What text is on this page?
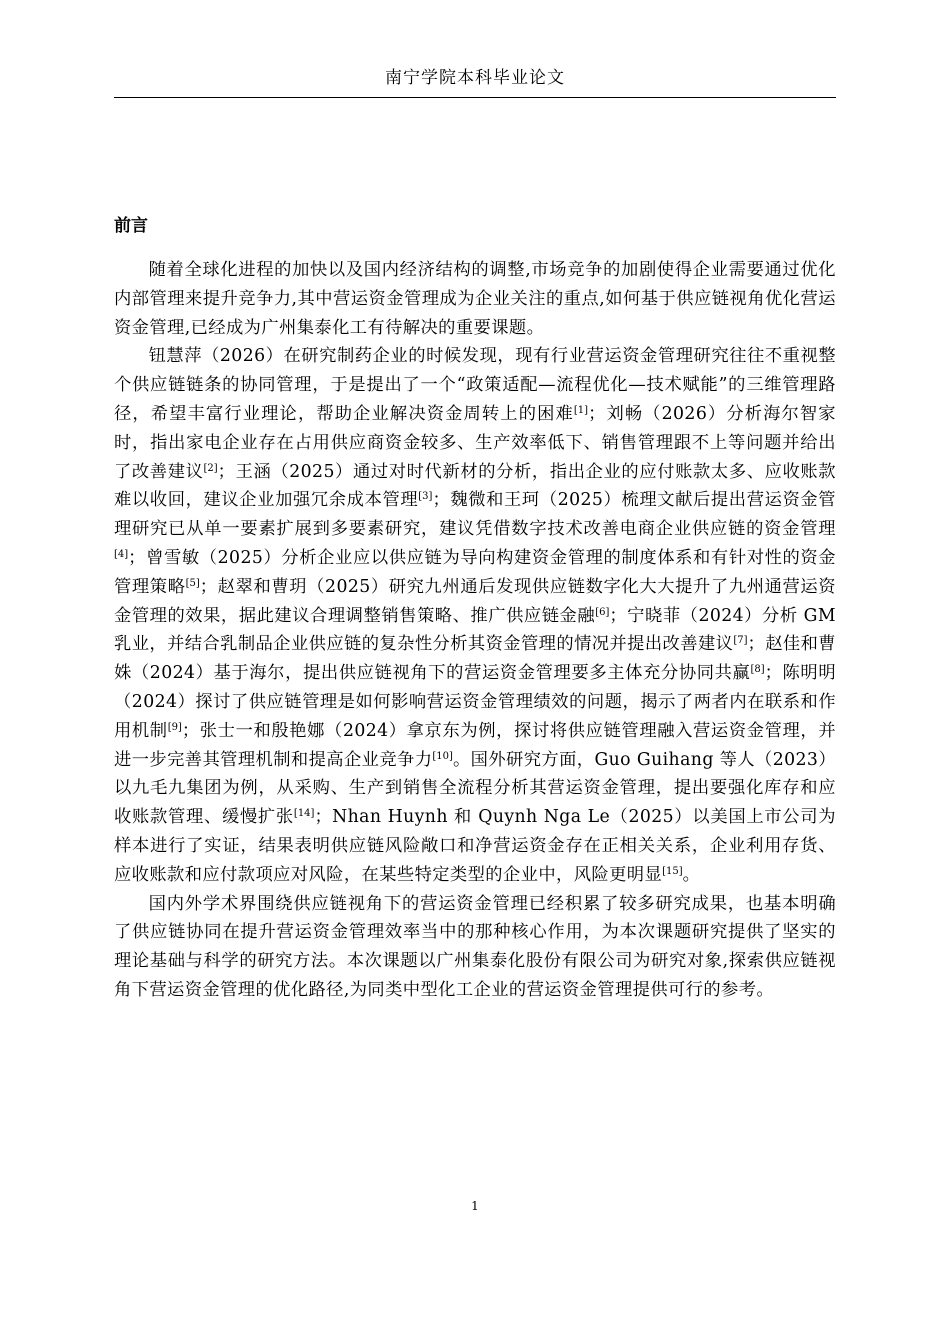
南宁学院本科毕业论文
前言

随着全球化进程的加快以及国内经济结构的调整,市场竞争的加剧使得企业需要通过优化内部管理来提升竞争力,其中营运资金管理成为企业关注的重点,如何基于供应链视角优化营运资金管理,已经成为广州集泰化工有待解决的重要课题。

钮慧萍（2026）在研究制药企业的时候发现，现有行业营运资金管理研究往往不重视整个供应链链条的协同管理，于是提出了一个“政策适配—流程优化—技术赋能”的三维管理路径，希望丰富行业理论，帮助企业解决资金周转上的困难[1]；刘畅（2026）分析海尔智家时，指出家电企业存在占用供应商资金较多、生产效率低下、销售管理跟不上等问题并给出了改善建议[2]；王涵（2025）通过对时代新材的分析，指出企业的应付账款太多、应收账款难以收回，建议企业加强冗余成本管理[3]；魏微和王珂（2025）梳理文献后提出营运资金管理研究已从单一要素扩展到多要素研究，建议凭借数字技术改善电商企业供应链的资金管理[4]；曾雪敏（2025）分析企业应以供应链为导向构建资金管理的制度体系和有针对性的资金管理策略[5]；赵翠和曹玥（2025）研究九州通后发现供应链数字化大大提升了九州通营运资金管理的效果，据此建议合理调整销售策略、推广供应链金融[6]；宁晓菲（2024）分析 GM 乳业，并结合乳制品企业供应链的复杂性分析其资金管理的情况并提出改善建议[7]；赵佳和曹姝（2024）基于海尔，提出供应链视角下的营运资金管理要多主体充分协同共赢[8]；陈明明（2024）探讨了供应链管理是如何影响营运资金管理绩效的问题，揭示了两者内在联系和作用机制[9]；张士一和殷艳娜（2024）拿京东为例，探讨将供应链管理融入营运资金管理，并进一步完善其管理机制和提高企业竞争力[10]。国外研究方面，Guo Guihang 等人（2023）以九毛九集团为例，从采购、生产到销售全流程分析其营运资金管理，提出要强化库存和应收账款管理、缓慢扩张[14]；Nhan Huynh 和 Quynh Nga Le（2025）以美国上市公司为样本进行了实证，结果表明供应链风险敞口和净营运资金存在正相关关系，企业利用存货、应收账款和应付款项应对风险，在某些特定类型的企业中，风险更明显[15]。

国内外学术界围绕供应链视角下的营运资金管理已经积累了较多研究成果，也基本明确了供应链协同在提升营运资金管理效率当中的那种核心作用，为本次课题研究提供了坚实的理论基础与科学的研究方法。本次课题以广州集泰化股份有限公司为研究对象,探索供应链视角下营运资金管理的优化路径,为同类中型化工企业的营运资金管理提供可行的参考。

1
